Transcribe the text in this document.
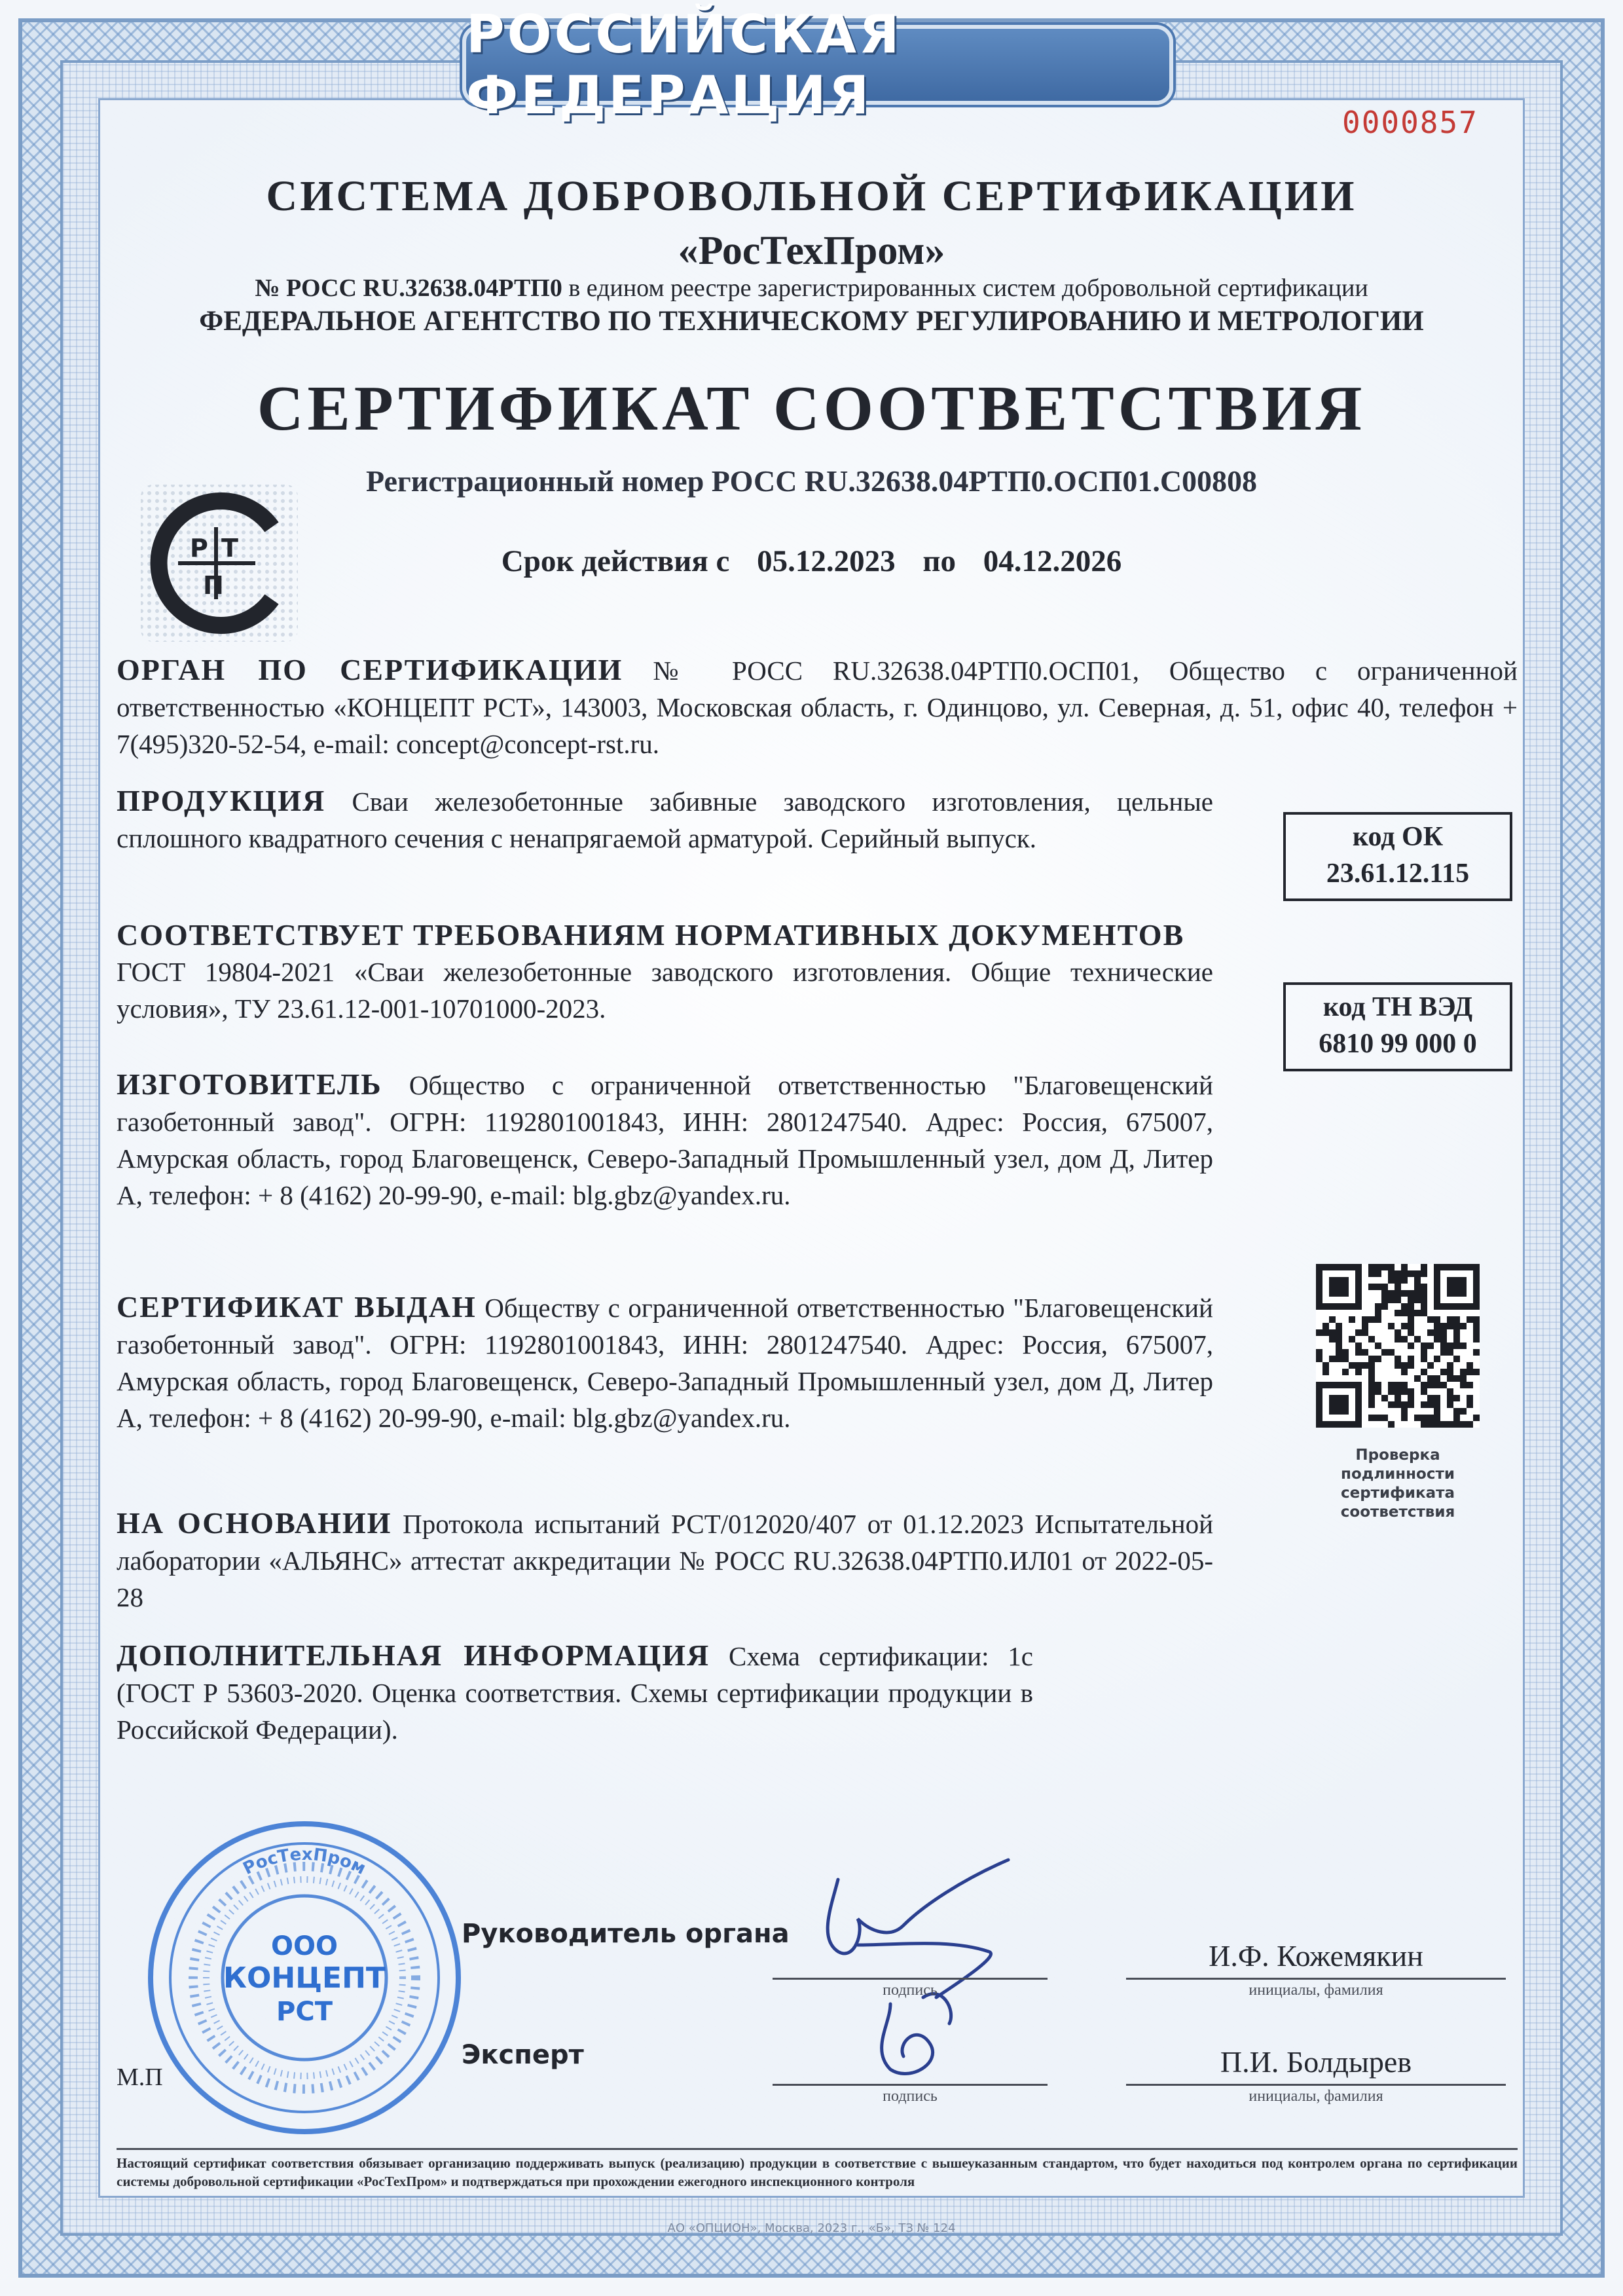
РОССИЙСКАЯ ФЕДЕРАЦИЯ	0000857
СИСТЕМА ДОБРОВОЛЬНОЙ СЕРТИФИКАЦИИ
«РосТехПром»
№ РОСС RU.32638.04РТП0 в едином реестре зарегистрированных систем добровольной сертификации
ФЕДЕРАЛЬНОЕ АГЕНТСТВО ПО ТЕХНИЧЕСКОМУ РЕГУЛИРОВАНИЮ И МЕТРОЛОГИИ
Р Т
П
СЕРТИФИКАТ СООТВЕТСТВИЯ
Регистрационный номер РОСС RU.32638.04РТП0.ОСП01.С00808
Срок действия с 05.12.2023 по 04.12.2026
ОРГАН ПО СЕРТИФИКАЦИИ № РОСС RU.32638.04РТП0.ОСП01, Общество с ограниченной ответственностью «КОНЦЕПТ РСТ», 143003, Московская область, г. Одинцово, ул. Северная, д. 51, офис 40, телефон + 7(495)320-52-54, e-mail: concept@concept-rst.ru.
ПРОДУКЦИЯ Сваи железобетонные забивные заводского изготовления, цельные сплошного квадратного сечения с ненапрягаемой арматурой. Серийный выпуск.	код ОК
23.61.12.115
СООТВЕТСТВУЕТ ТРЕБОВАНИЯМ НОРМАТИВНЫХ ДОКУМЕНТОВ
ГОСТ 19804-2021 «Сваи железобетонные заводского изготовления. Общие технические условия», ТУ 23.61.12-001-10701000-2023.	код ТН ВЭД
6810 99 000 0
ИЗГОТОВИТЕЛЬ Общество с ограниченной ответственностью "Благовещенский газобетонный завод". ОГРН: 1192801001843, ИНН: 2801247540. Адрес: Россия, 675007, Амурская область, город Благовещенск, Северо-Западный Промышленный узел, дом Д, Литер А, телефон: + 8 (4162) 20-99-90, e-mail: blg.gbz@yandex.ru.
СЕРТИФИКАТ ВЫДАН Обществу с ограниченной ответственностью "Благовещенский газобетонный завод". ОГРН: 1192801001843, ИНН: 2801247540. Адрес: Россия, 675007, Амурская область, город Благовещенск, Северо-Западный Промышленный узел, дом Д, Литер А, телефон: + 8 (4162) 20-99-90, e-mail: blg.gbz@yandex.ru.
Проверка
подлинности
сертификата
соответствия
НА ОСНОВАНИИ Протокола испытаний РСТ/012020/407 от 01.12.2023 Испытательной лаборатории «АЛЬЯНС» аттестат аккредитации № РОСС RU.32638.04РТП0.ИЛ01 от 2022-05-28
ДОПОЛНИТЕЛЬНАЯ ИНФОРМАЦИЯ Схема сертификации: 1с (ГОСТ Р 53603-2020. Оценка соответствия. Схемы сертификации продукции в Российской Федерации).
РосТехПром
ООО
КОНЦЕПТ
РСТ
Руководитель органа
Эксперт
М.П
подпись
И.Ф. Кожемякин
инициалы, фамилия
подпись
П.И. Болдырев
инициалы, фамилия
Настоящий сертификат соответствия обязывает организацию поддерживать выпуск (реализацию) продукции в соответствие с вышеуказанным стандартом, что будет находиться под контролем органа по сертификации системы добровольной сертификации «РосТехПром» и подтверждаться при прохождении ежегодного инспекционного контроля
АО «ОПЦИОН», Москва, 2023 г., «Б», ТЗ № 124
